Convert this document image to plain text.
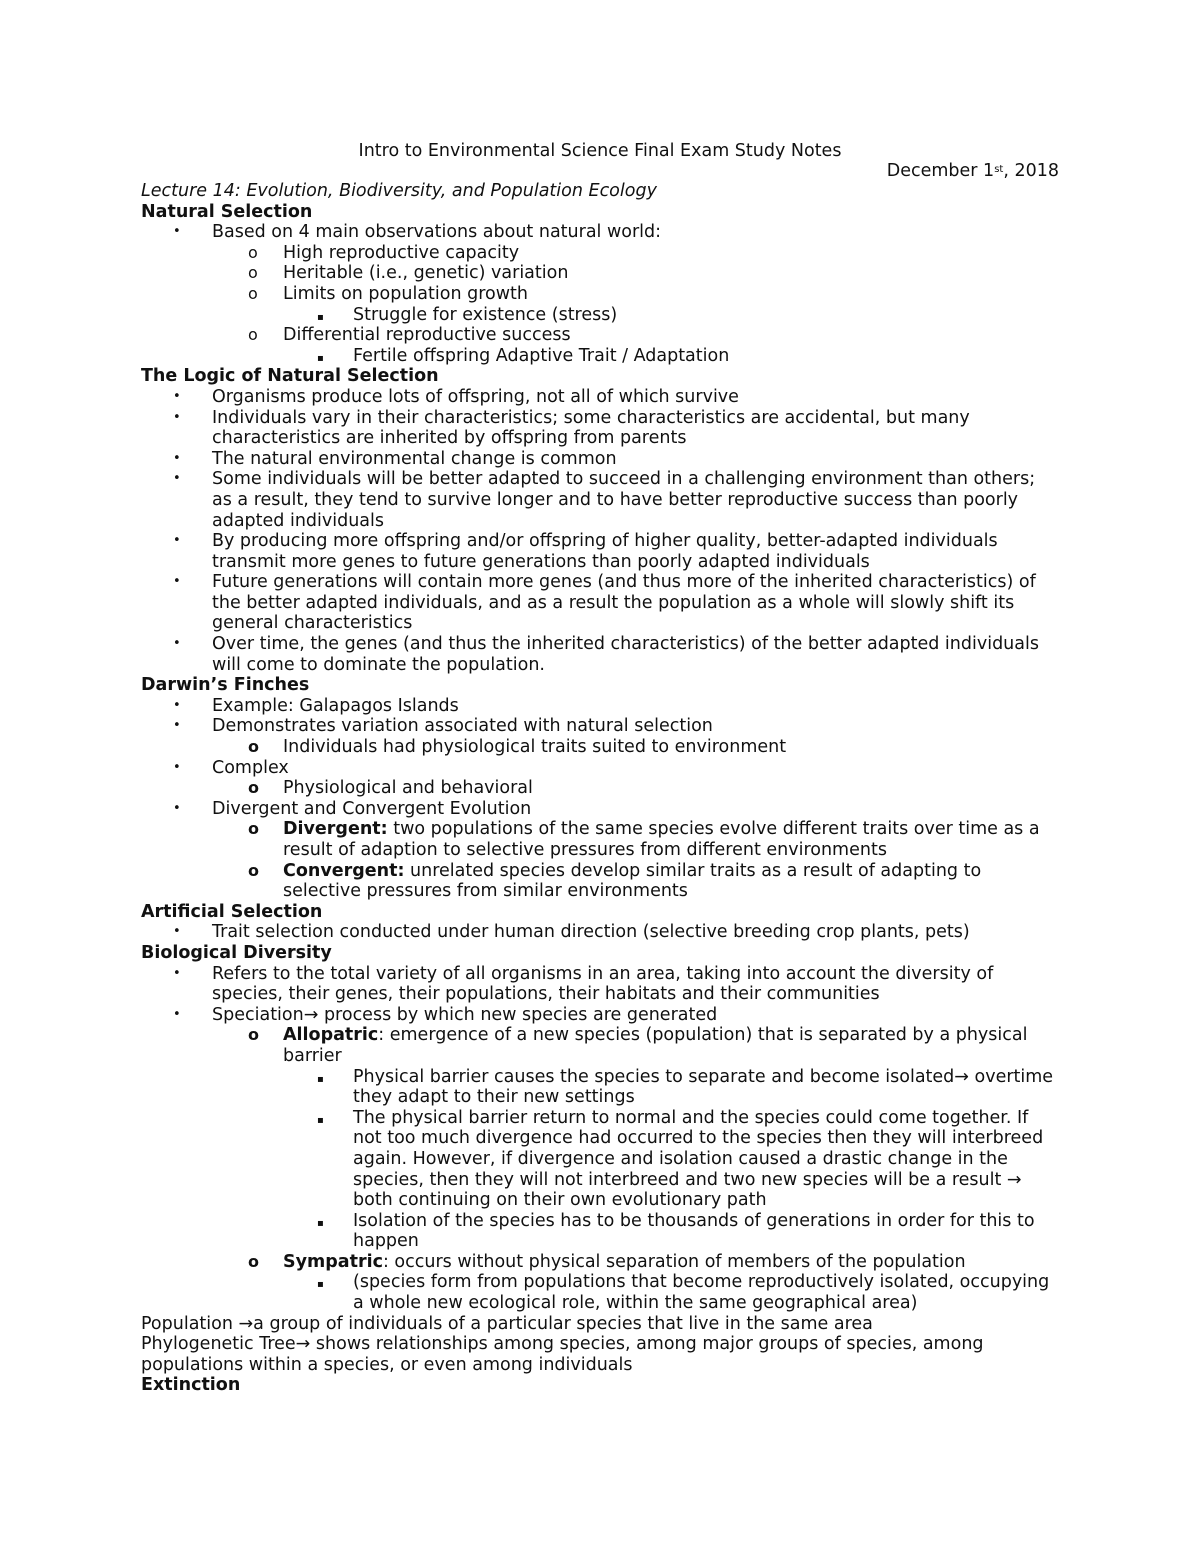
Intro to Environmental Science Final Exam Study Notes
December 1st, 2018
Lecture 14: Evolution, Biodiversity, and Population Ecology
Natural Selection
• Based on 4 main observations about natural world:
o High reproductive capacity
o Heritable (i.e., genetic) variation
o Limits on population growth
▪ Struggle for existence (stress)
o Differential reproductive success
▪ Fertile offspring Adaptive Trait / Adaptation
The Logic of Natural Selection
• Organisms produce lots of offspring, not all of which survive
• Individuals vary in their characteristics; some characteristics are accidental, but many characteristics are inherited by offspring from parents
• The natural environmental change is common
• Some individuals will be better adapted to succeed in a challenging environment than others; as a result, they tend to survive longer and to have better reproductive success than poorly adapted individuals
• By producing more offspring and/or offspring of higher quality, better-adapted individuals transmit more genes to future generations than poorly adapted individuals
• Future generations will contain more genes (and thus more of the inherited characteristics) of the better adapted individuals, and as a result the population as a whole will slowly shift its general characteristics
• Over time, the genes (and thus the inherited characteristics) of the better adapted individuals will come to dominate the population.
Darwin’s Finches
• Example: Galapagos Islands
• Demonstrates variation associated with natural selection
o Individuals had physiological traits suited to environment
• Complex
o Physiological and behavioral
• Divergent and Convergent Evolution
o Divergent: two populations of the same species evolve different traits over time as a result of adaption to selective pressures from different environments
o Convergent: unrelated species develop similar traits as a result of adapting to selective pressures from similar environments
Artificial Selection
• Trait selection conducted under human direction (selective breeding crop plants, pets)
Biological Diversity
• Refers to the total variety of all organisms in an area, taking into account the diversity of species, their genes, their populations, their habitats and their communities
• Speciation→ process by which new species are generated
o Allopatric: emergence of a new species (population) that is separated by a physical barrier
▪ Physical barrier causes the species to separate and become isolated→ overtime they adapt to their new settings
▪ The physical barrier return to normal and the species could come together. If not too much divergence had occurred to the species then they will interbreed again. However, if divergence and isolation caused a drastic change in the species, then they will not interbreed and two new species will be a result → both continuing on their own evolutionary path
▪ Isolation of the species has to be thousands of generations in order for this to happen
o Sympatric: occurs without physical separation of members of the population
▪ (species form from populations that become reproductively isolated, occupying a whole new ecological role, within the same geographical area)
Population →a group of individuals of a particular species that live in the same area
Phylogenetic Tree→ shows relationships among species, among major groups of species, among populations within a species, or even among individuals
Extinction
